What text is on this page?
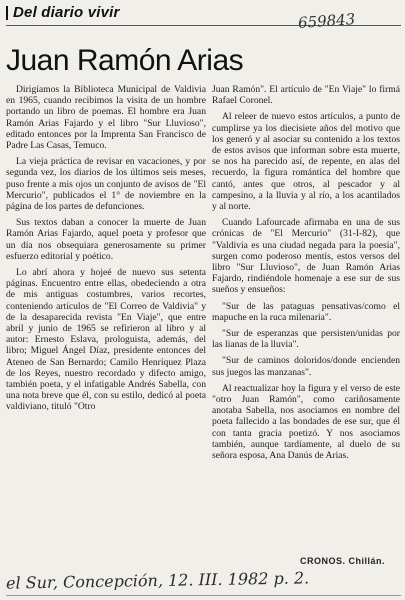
Del diario vivir	659843
Juan Ramón Arias

Dirigíamos la Biblioteca Municipal de Valdivia en 1965, cuando recibimos la visita de un hombre portando un libro de poemas. El hombre era Juan Ramón Arias Fajardo y el libro "Sur Lluvioso", editado entonces por la Imprenta San Francisco de Padre Las Casas, Temuco.

La vieja práctica de revisar en vacaciones, y por segunda vez, los diarios de los últimos seis meses, puso frente a mis ojos un conjunto de avisos de "El Mercurio", publicados el 1° de noviembre en la página de los partes de defunciones.

Sus textos daban a conocer la muerte de Juan Ramón Arias Fajardo, aquel poeta y profesor que un día nos obsequiara generosamente su primer esfuerzo editorial y poético.

Lo abrí ahora y hojeé de nuevo sus setenta páginas. Encuentro entre ellas, obedeciendo a otra de mis antiguas costumbres, varios recortes, conteniendo artículos de "El Correo de Valdivia" y de la desaparecida revista "En Viaje", que entre abril y junio de 1965 se refirieron al libro y al autor: Ernesto Eslava, prologuista, además, del libro; Miguel Ángel Díaz, presidente entonces del Ateneo de San Bernardo; Camilo Henríquez Plaza de los Reyes, nuestro recordado y difecto amigo, también poeta, y el infatigable Andrés Sabella, con una nota breve que él, con su estilo, dedicó al poeta valdiviano, tituló "Otro

Juan Ramón". El artículo de "En Viaje" lo firmá Rafael Coronel.

Al releer de nuevo estos artículos, a punto de cumplirse ya los diecisiete años del motivo que los generó y al asociar su contenido a los textos de estos avisos que informan sobre esta muerte, se nos ha parecido así, de repente, en alas del recuerdo, la figura romántica del hombre que cantó, antes que otros, al pescador y al campesino, a la lluvia y al río, a los acantilados y al norte.

Cuando Lafourcade afirmaba en una de sus crónicas de "El Mercurio" (31-I-82), que "Valdivia es una ciudad negada para la poesía", surgen como poderoso mentís, estos versos del libro "Sur Lluvioso", de Juan Ramón Arias Fajardo, rindiéndole homenaje a ese sur de sus sueños y ensueños:

"Sur de las pataguas pensativas/como el mapuche en la ruca milenaria".

"Sur de esperanzas que persisten/unidas por las lianas de la lluvia".

"Sur de caminos doloridos/donde encienden sus juegos las manzanas".

Al reactualizar hoy la figura y el verso de este "otro Juan Ramón", como cariñosamente anotaba Sabella, nos asociamos en nombre del poeta fallecido a las bondades de ese sur, que él con tanta gracia poetizó. Y nos asociamos también, aunque tardíamente, al duelo de su señora esposa, Ana Danús de Arias.

CRONOS. Chillán.
el Sur, Concepción, 12. III. 1982 p. 2.
